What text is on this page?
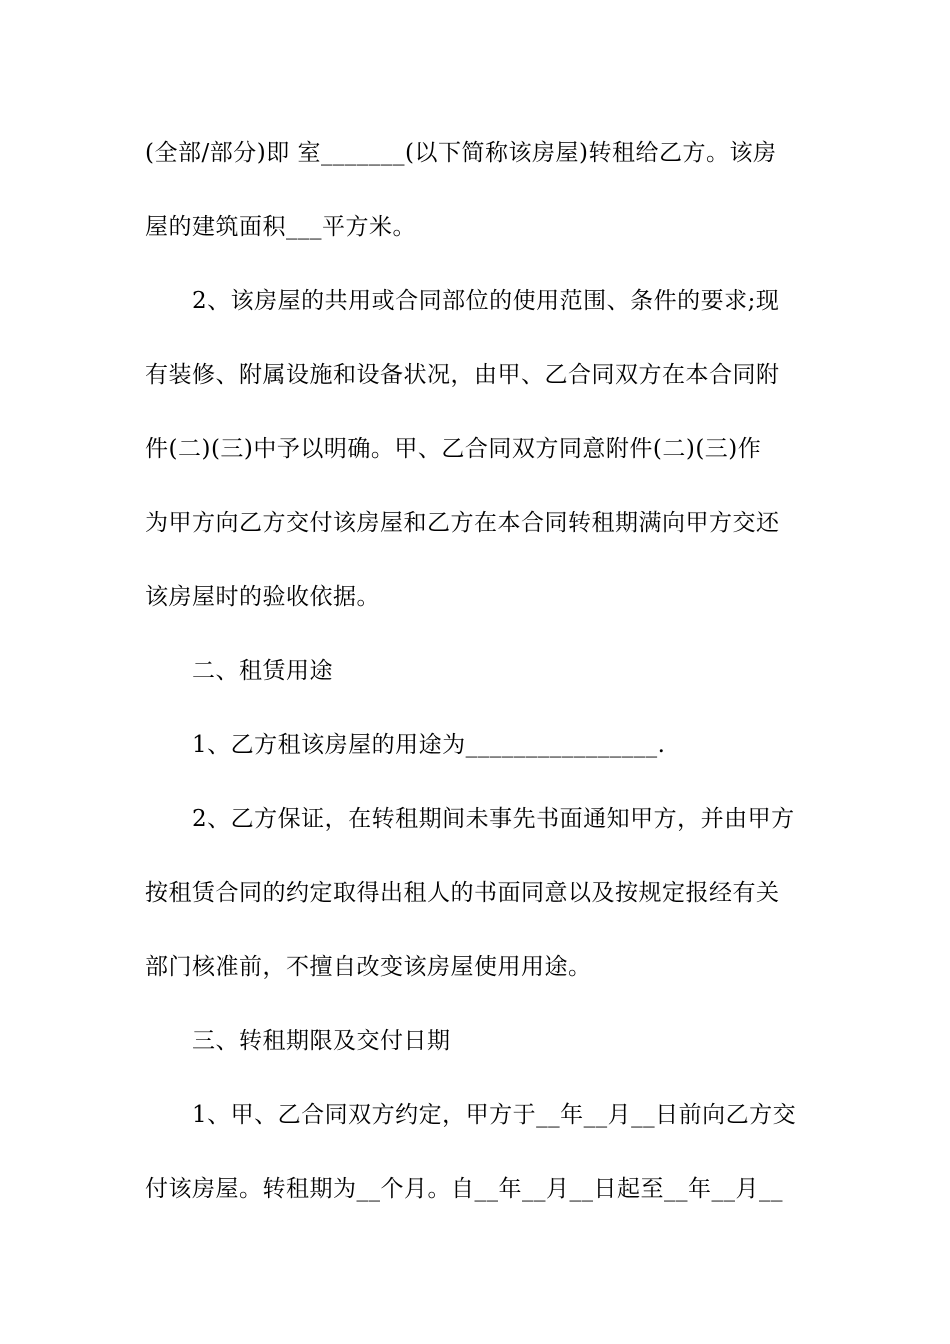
(全部/部分)即 室_______(以下简称该房屋)转租给乙方。该房
屋的建筑面积___平方米。
2、该房屋的共用或合同部位的使用范围、条件的要求;现
有装修、附属设施和设备状况，由甲、乙合同双方在本合同附
件(二)(三)中予以明确。甲、乙合同双方同意附件(二)(三)作
为甲方向乙方交付该房屋和乙方在本合同转租期满向甲方交还
该房屋时的验收依据。
二、租赁用途
1、乙方租该房屋的用途为________________.
2、乙方保证，在转租期间未事先书面通知甲方，并由甲方
按租赁合同的约定取得出租人的书面同意以及按规定报经有关
部门核准前，不擅自改变该房屋使用用途。
三、转租期限及交付日期
1、甲、乙合同双方约定，甲方于__年__月__日前向乙方交
付该房屋。转租期为__个月。自__年__月__日起至__年__月__
